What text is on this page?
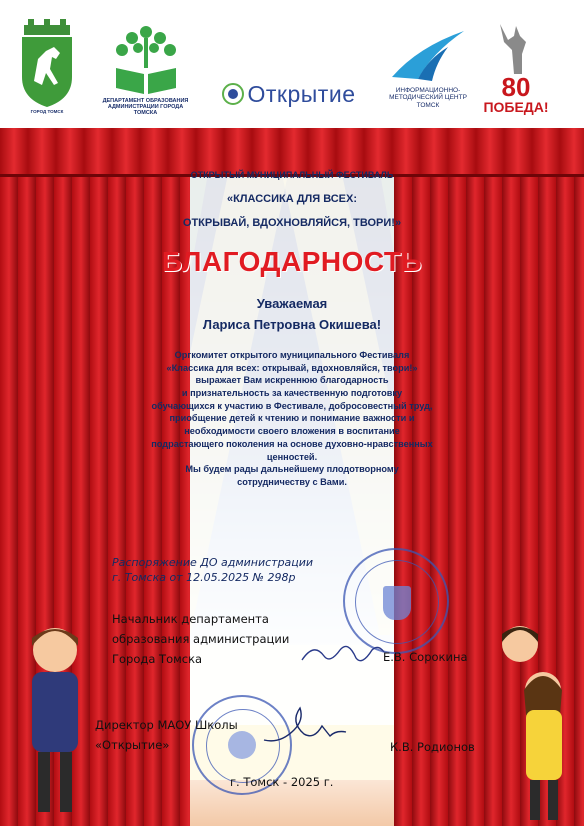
ГОРОД ТОМСК
ДЕПАРТАМЕНТ ОБРАЗОВАНИЯ АДМИНИСТРАЦИИ ГОРОДА ТОМСКА
Открытие	ИНФОРМАЦИОННО-МЕТОДИЧЕСКИЙ ЦЕНТР ТОМСК
80
ПОБЕДА!
ОТКРЫТЫЙ МУНИЦИПАЛЬНЫЙ ФЕСТИВАЛЬ
«КЛАССИКА ДЛЯ ВСЕХ:
ОТКРЫВАЙ, ВДОХНОВЛЯЙСЯ, ТВОРИ!»
БЛАГОДАРНОСТЬ
Уважаемая
Лариса Петровна Окишева!

Оргкомитет открытого муниципального Фестиваля
«Классика для всех: открывай, вдохновляйся, твори!»
выражает Вам искреннюю благодарность
и признательность за качественную подготовку
обучающихся к участию в Фестивале, добросовестный труд,
приобщение детей к чтению и понимание важности и
необходимости своего вложения в воспитание
подрастающего поколения на основе духовно-нравственных
ценностей.
Мы будем рады дальнейшему плодотворному
сотрудничеству с Вами.

Распоряжение ДО администрации
г. Томска от 12.05.2025 № 298р
Начальник департамента
образования администрации
Города Томска	Е.В. Сорокина
Директор МАОУ Школы
«Открытие»	К.В. Родионов
г. Томск - 2025 г.
